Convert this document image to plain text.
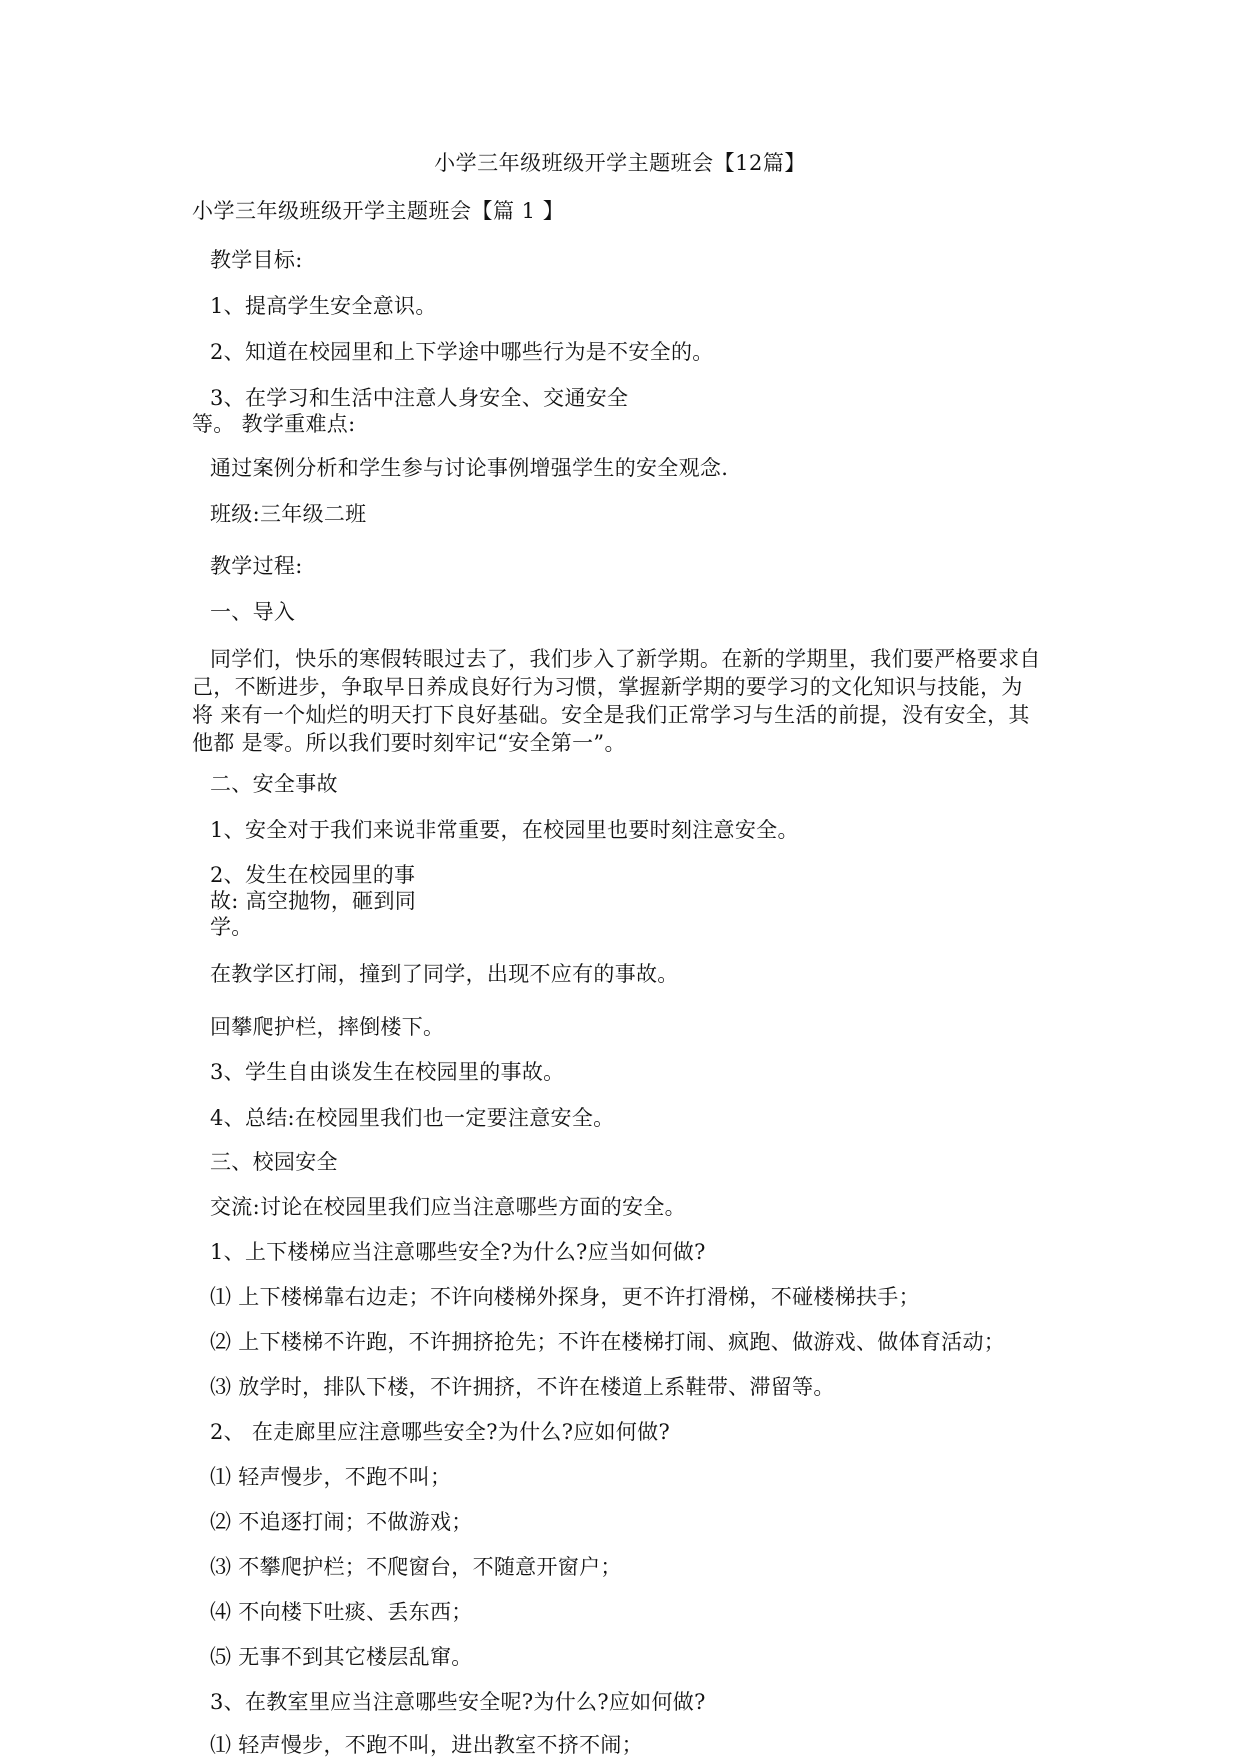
小学三年级班级开学主题班会【12篇】
小学三年级班级开学主题班会【篇 1 】
教学目标:
1、提高学生安全意识。
2、知道在校园里和上下学途中哪些行为是不安全的。
3、在学习和生活中注意人身安全、交通安全
等。 教学重难点:
通过案例分析和学生参与讨论事例增强学生的安全观念.
班级:三年级二班
教学过程:
一、导入
同学们，快乐的寒假转眼过去了，我们步入了新学期。在新的学期里，我们要严格要求自
己，不断进步，争取早日养成良好行为习惯，掌握新学期的要学习的文化知识与技能，为
将 来有一个灿烂的明天打下良好基础。安全是我们正常学习与生活的前提，没有安全，其
他都 是零。所以我们要时刻牢记“安全第一”。
二、安全事故
1、安全对于我们来说非常重要，在校园里也要时刻注意安全。
2、发生在校园里的事
故: 高空抛物，砸到同
学。
在教学区打闹，撞到了同学，出现不应有的事故。
回攀爬护栏，摔倒楼下。
3、学生自由谈发生在校园里的事故。
4、总结:在校园里我们也一定要注意安全。
三、校园安全
交流:讨论在校园里我们应当注意哪些方面的安全。
1、上下楼梯应当注意哪些安全?为什么?应当如何做?
⑴ 上下楼梯靠右边走；不许向楼梯外探身，更不许打滑梯，不碰楼梯扶手；
⑵ 上下楼梯不许跑，不许拥挤抢先；不许在楼梯打闹、疯跑、做游戏、做体育活动；
⑶ 放学时，排队下楼，不许拥挤，不许在楼道上系鞋带、滞留等。
2、 在走廊里应注意哪些安全?为什么?应如何做?
⑴ 轻声慢步，不跑不叫；
⑵ 不追逐打闹；不做游戏；
⑶ 不攀爬护栏；不爬窗台，不随意开窗户；
⑷ 不向楼下吐痰、丢东西；
⑸ 无事不到其它楼层乱窜。
3、在教室里应当注意哪些安全呢?为什么?应如何做?
⑴ 轻声慢步，不跑不叫，进出教室不挤不闹；
